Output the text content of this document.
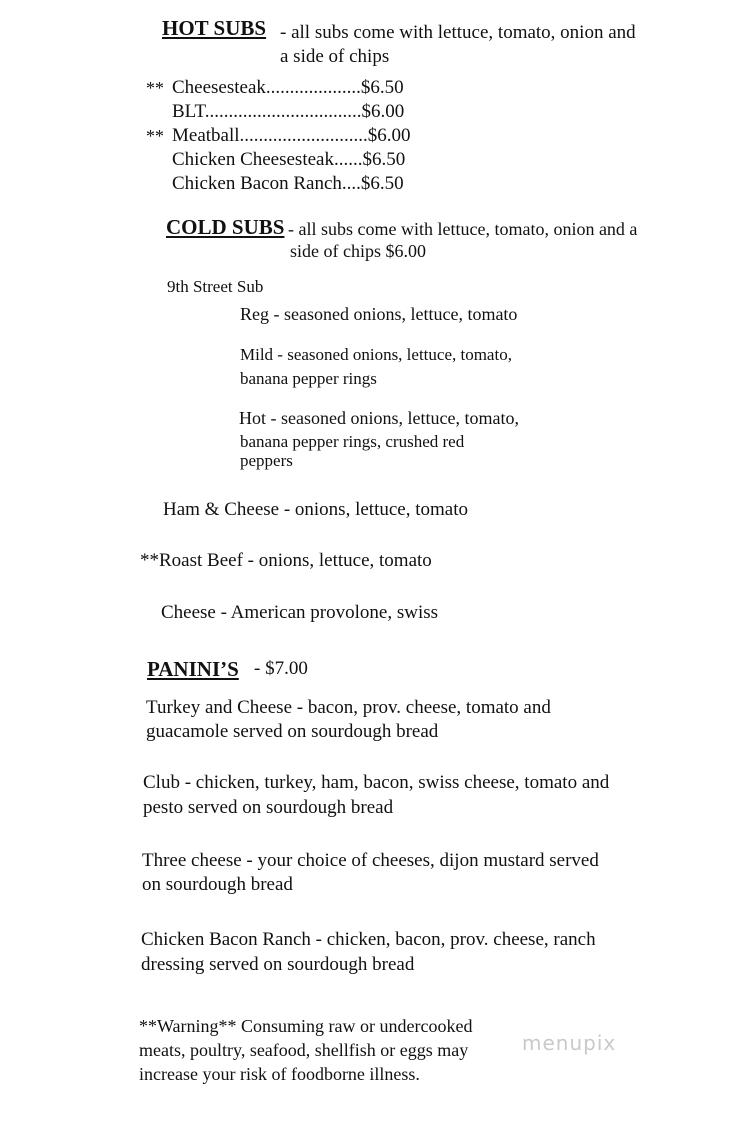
HOT SUBS - all subs come with lettuce, tomato, onion and
a side of chips
** Cheesesteak....................$6.50
BLT.................................$6.00
** Meatball...........................$6.00
Chicken Cheesesteak......$6.50
Chicken Bacon Ranch....$6.50
COLD SUBS - all subs come with lettuce, tomato, onion and a
side of chips $6.00
9th Street Sub
Reg - seasoned onions, lettuce, tomato
Mild - seasoned onions, lettuce, tomato,
banana pepper rings
Hot - seasoned onions, lettuce, tomato,
banana pepper rings, crushed red
peppers
Ham & Cheese - onions, lettuce, tomato
**Roast Beef - onions, lettuce, tomato
Cheese - American provolone, swiss
PANINI’S - $7.00
Turkey and Cheese - bacon, prov. cheese, tomato and
guacamole served on sourdough bread
Club - chicken, turkey, ham, bacon, swiss cheese, tomato and
pesto served on sourdough bread
Three cheese - your choice of cheeses, dijon mustard served
on sourdough bread
Chicken Bacon Ranch - chicken, bacon, prov. cheese, ranch
dressing served on sourdough bread
**Warning** Consuming raw or undercooked
meats, poultry, seafood, shellfish or eggs may
increase your risk of foodborne illness.
menupix
